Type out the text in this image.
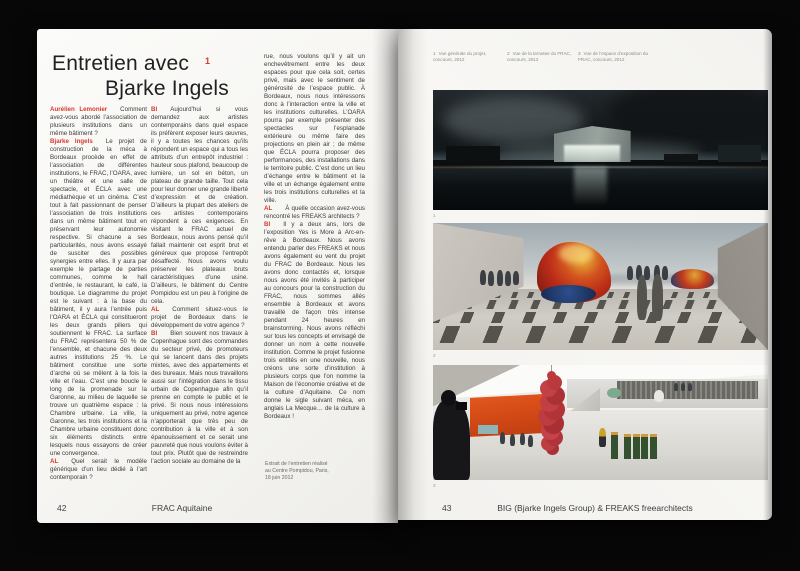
Entretien avec
Bjarke Ingels
1

Aurélien Lemonier Comment avez-vous abordé l’association de plusieurs institutions dans un même bâtiment ?

Bjarke Ingels Le projet de construction de la méca à Bordeaux procède en effet de l’association de différentes institutions, le FRAC, l’OARA, avec un théâtre et une salle de spectacle, et ÉCLA avec une médiathèque et un cinéma. C’est tout à fait passionnant de penser l’association de trois institutions dans un même bâtiment tout en préservant leur autonomie respective. Si chacune a ses particularités, nous avons essayé de susciter des possibles synergies entre elles. Il y aura par exemple le partage de parties communes, comme le hall d’entrée, le restaurant, le café, la boutique. Le diagramme du projet est le suivant : à la base du bâtiment, il y aura l’entrée puis l’OARA et ÉCLA qui constitueront les deux grands piliers qui soutiennent le FRAC. La surface du FRAC représentera 50 % de l’ensemble, et chacune des deux autres institutions 25 %. Le bâtiment constitue une sorte d’arche où se mêlent à la fois la ville et l’eau. C’est une boucle le long de la promenade sur la Garonne, au milieu de laquelle se trouve un quatrième espace : la Chambre urbaine. La ville, la Garonne, les trois institutions et la Chambre urbaine constituent donc six éléments distincts entre lesquels nous essayons de créer une convergence.

AL Quel serait le modèle générique d’un lieu dédié à l’art contemporain ?

BI Aujourd’hui si vous demandez aux artistes contemporains dans quel espace ils préfèrent exposer leurs œuvres, il y a toutes les chances qu’ils répondent un espace qui a tous les attributs d’un entrepôt industriel : hauteur sous plafond, beaucoup de lumière, un sol en béton, un plateau de grande taille. Tout cela pour leur donner une grande liberté d’expression et de création. D’ailleurs la plupart des ateliers de ces artistes contemporains répondent à ces exigences. En visitant le FRAC actuel de Bordeaux, nous avons pensé qu’il fallait maintenir cet esprit brut et généreux que propose l’entrepôt désaffecté. Nous avons voulu préserver les plateaux bruts caractéristiques d’une usine. D’ailleurs, le bâtiment du Centre Pompidou est un peu à l’origine de cela.

AL Comment situez-vous le projet de Bordeaux dans le développement de votre agence ?

BI Bien souvent nos travaux à Copenhague sont des commandes du secteur privé, de promoteurs qui se lancent dans des projets mixtes, avec des appartements et des bureaux. Mais nous travaillons aussi sur l’intégration dans le tissu urbain de Copenhague afin qu’il prenne en compte le public et le privé. Si nous nous intéressions uniquement au privé, notre agence n’apporterait que très peu de contribution à la ville et à son épanouissement et ce serait une pauvreté que nous voulons éviter à tout prix. Plutôt que de restreindre l’action sociale au domaine de la

rue, nous voulons qu’il y ait un enchevêtrement entre les deux espaces pour que cela soit, certes privé, mais avec le sentiment de générosité de l’espace public. À Bordeaux, nous nous intéressons donc à l’interaction entre la ville et les institutions culturelles. L’OARA pourra par exemple présenter des spectacles sur l’esplanade extérieure ou même faire des projections en plein air ; de même que ÉCLA pourra proposer des performances, des installations dans le territoire public. C’est donc un lieu d’échange entre le bâtiment et la ville et un échange également entre les trois institutions culturelles et la ville.

AL À quelle occasion avez-vous rencontré les FREAKS architects ?

BI Il y a deux ans, lors de l’exposition Yes is More à Arc-en-rêve à Bordeaux. Nous avons entendu parler des FREAKS et nous avons également eu vent du projet du FRAC de Bordeaux. Nous les avons donc contactés et, lorsque nous avons été invités à participer au concours pour la construction du FRAC, nous sommes allés ensemble à Bordeaux et avons travaillé de façon très intense pendant 24 heures en brainstorming. Nous avons réfléchi sur tous les concepts et envisagé de donner un nom à cette nouvelle institution. Comme le projet fusionne trois entités en une nouvelle, nous créons une sorte d’institution à plusieurs corps que l’on nomme la Maison de l’économie créative et de la culture d’Aquitaine. Ce nom donne le sigle suivant méca, en anglais La Mecque… de la culture à Bordeaux !

Extrait de l’entretien réalisé au Centre Pompidou, Paris, 18 juin 2012
42	FRAC Aquitaine
1 Vue générale du projet, concours, 2012
2 Vue de la terrasse du FRAC, concours, 2012
3 Vue de l’espace d’exposition du FRAC, concours, 2012
1
2
3
43	BIG (Bjarke Ingels Group) & FREAKS freearchitects
